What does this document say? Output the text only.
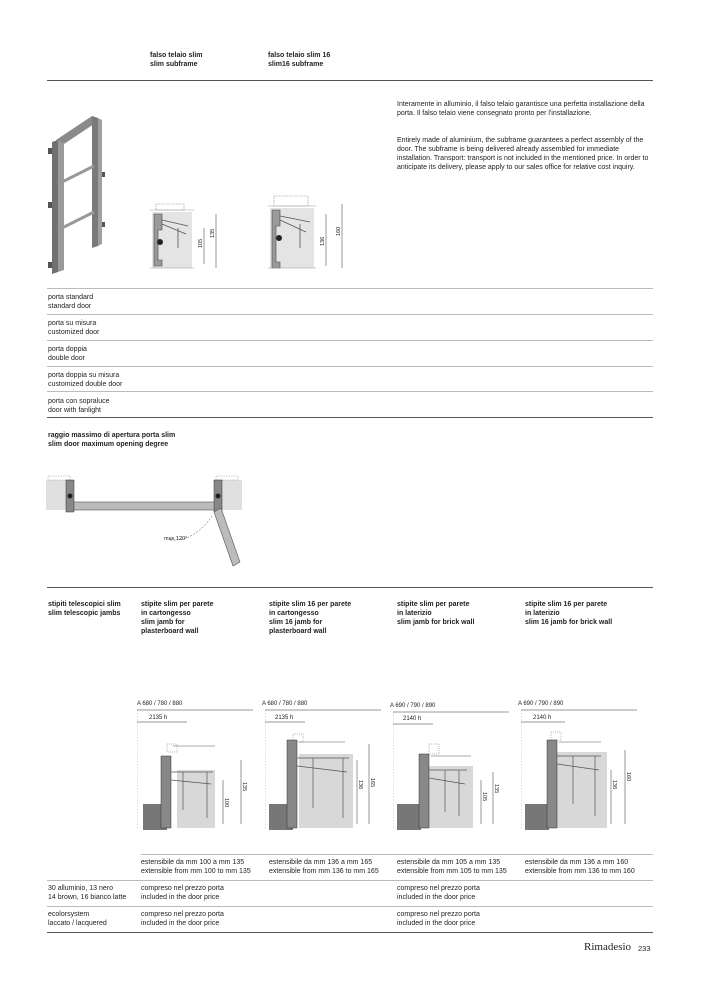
falso telaio slim
slim subframe
falso telaio slim 16
slim16 subframe
Interamente in alluminio, il falso telaio garantisce una perfetta installazione della porta. Il falso telaio viene consegnato pronto per l'installazione.
Entirely made of aluminium, the subframe guarantees a perfect assembly of the door. The subframe is being delivered already assembled for immediate installation. Transport: transport is not included in the mentioned price. In order to anticipate its delivery, please apply to our sales office for relative cost inquiry.
105
135
136
160
porta standard
standard door
porta su misura
customized door
porta doppia
double door
porta doppia su misura
customized double door
porta con sopraluce
door with fanlight
raggio massimo di apertura porta slim
slim door maximum opening degree
max 120°
stipiti telescopici slim
slim telescopic jambs
stipite slim per parete
in cartongesso
slim jamb for
plasterboard wall
stipite slim 16 per parete
in cartongesso
slim 16 jamb for
plasterboard wall
stipite slim per parete
in laterizio
slim jamb for brick wall
stipite slim 16 per parete
in laterizio
slim 16 jamb for brick wall
A 680 / 780 / 880
2135 h
100
135
A 680 / 780 / 880
2135 h
136 165
A 690 / 790 / 890
2140 h
105
135
A 690 / 790 / 890
2140 h
136
160
estensibile da mm 100 a mm 135
extensible from mm 100 to mm 135
estensibile da mm 136 a mm 165
extensible from mm 136 to mm 165
estensibile da mm 105 a mm 135
extensible from mm 105 to mm 135
estensibile da mm 136 a mm 160
extensible from mm 136 to mm 160
30 alluminio, 13 nero
14 brown, 16 bianco latte
compreso nel prezzo porta
included in the door price
compreso nel prezzo porta
included in the door price
ecolorsystem
laccato / lacquered
compreso nel prezzo porta
included in the door price
compreso nel prezzo porta
included in the door price
Rimadesio 233
